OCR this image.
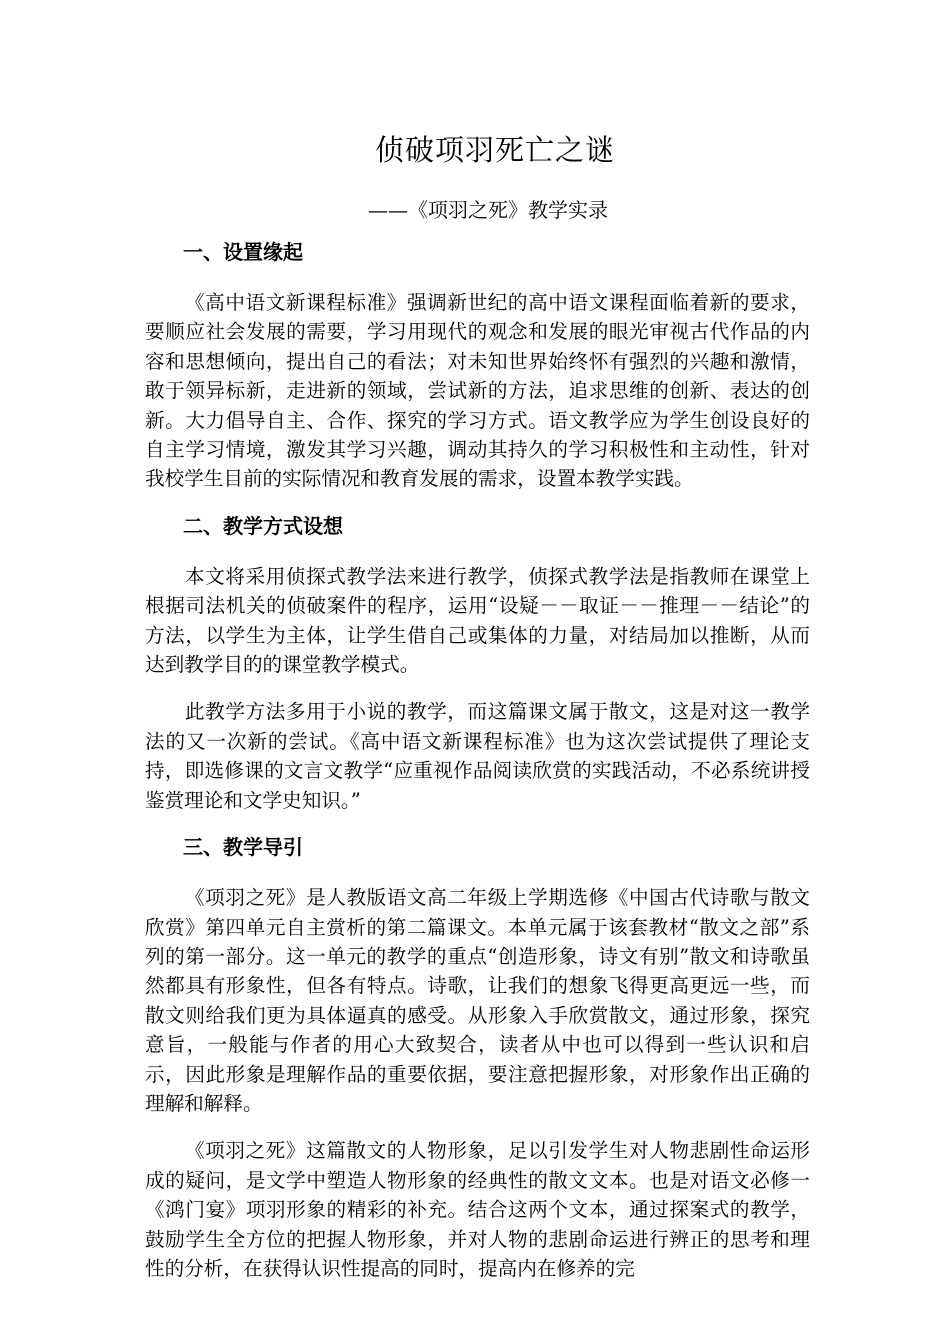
侦破项羽死亡之谜
——《项羽之死》教学实录
一、设置缘起

《高中语文新课程标准》强调新世纪的高中语文课程面临着新的要求，要顺应社会发展的需要，学习用现代的观念和发展的眼光审视古代作品的内容和思想倾向，提出自己的看法；对未知世界始终怀有强烈的兴趣和激情，敢于领异标新，走进新的领域，尝试新的方法，追求思维的创新、表达的创新。大力倡导自主、合作、探究的学习方式。语文教学应为学生创设良好的自主学习情境，激发其学习兴趣，调动其持久的学习积极性和主动性，针对我校学生目前的实际情况和教育发展的需求，设置本教学实践。

二、教学方式设想

本文将采用侦探式教学法来进行教学，侦探式教学法是指教师在课堂上根据司法机关的侦破案件的程序，运用“设疑－－取证－－推理－－结论”的方法，以学生为主体，让学生借自己或集体的力量，对结局加以推断，从而达到教学目的的课堂教学模式。

此教学方法多用于小说的教学，而这篇课文属于散文，这是对这一教学法的又一次新的尝试。《高中语文新课程标准》也为这次尝试提供了理论支持，即选修课的文言文教学“应重视作品阅读欣赏的实践活动，不必系统讲授鉴赏理论和文学史知识。”

三、教学导引

《项羽之死》是人教版语文高二年级上学期选修《中国古代诗歌与散文欣赏》第四单元自主赏析的第二篇课文。本单元属于该套教材“散文之部”系列的第一部分。这一单元的教学的重点“创造形象，诗文有别”散文和诗歌虽然都具有形象性，但各有特点。诗歌，让我们的想象飞得更高更远一些，而散文则给我们更为具体逼真的感受。从形象入手欣赏散文，通过形象，探究意旨，一般能与作者的用心大致契合，读者从中也可以得到一些认识和启示，因此形象是理解作品的重要依据，要注意把握形象，对形象作出正确的理解和解释。

《项羽之死》这篇散文的人物形象，足以引发学生对人物悲剧性命运形成的疑问，是文学中塑造人物形象的经典性的散文文本。也是对语文必修一《鸿门宴》项羽形象的精彩的补充。结合这两个文本，通过探案式的教学，鼓励学生全方位的把握人物形象，并对人物的悲剧命运进行辨正的思考和理性的分析，在获得认识性提高的同时，提高内在修养的完
